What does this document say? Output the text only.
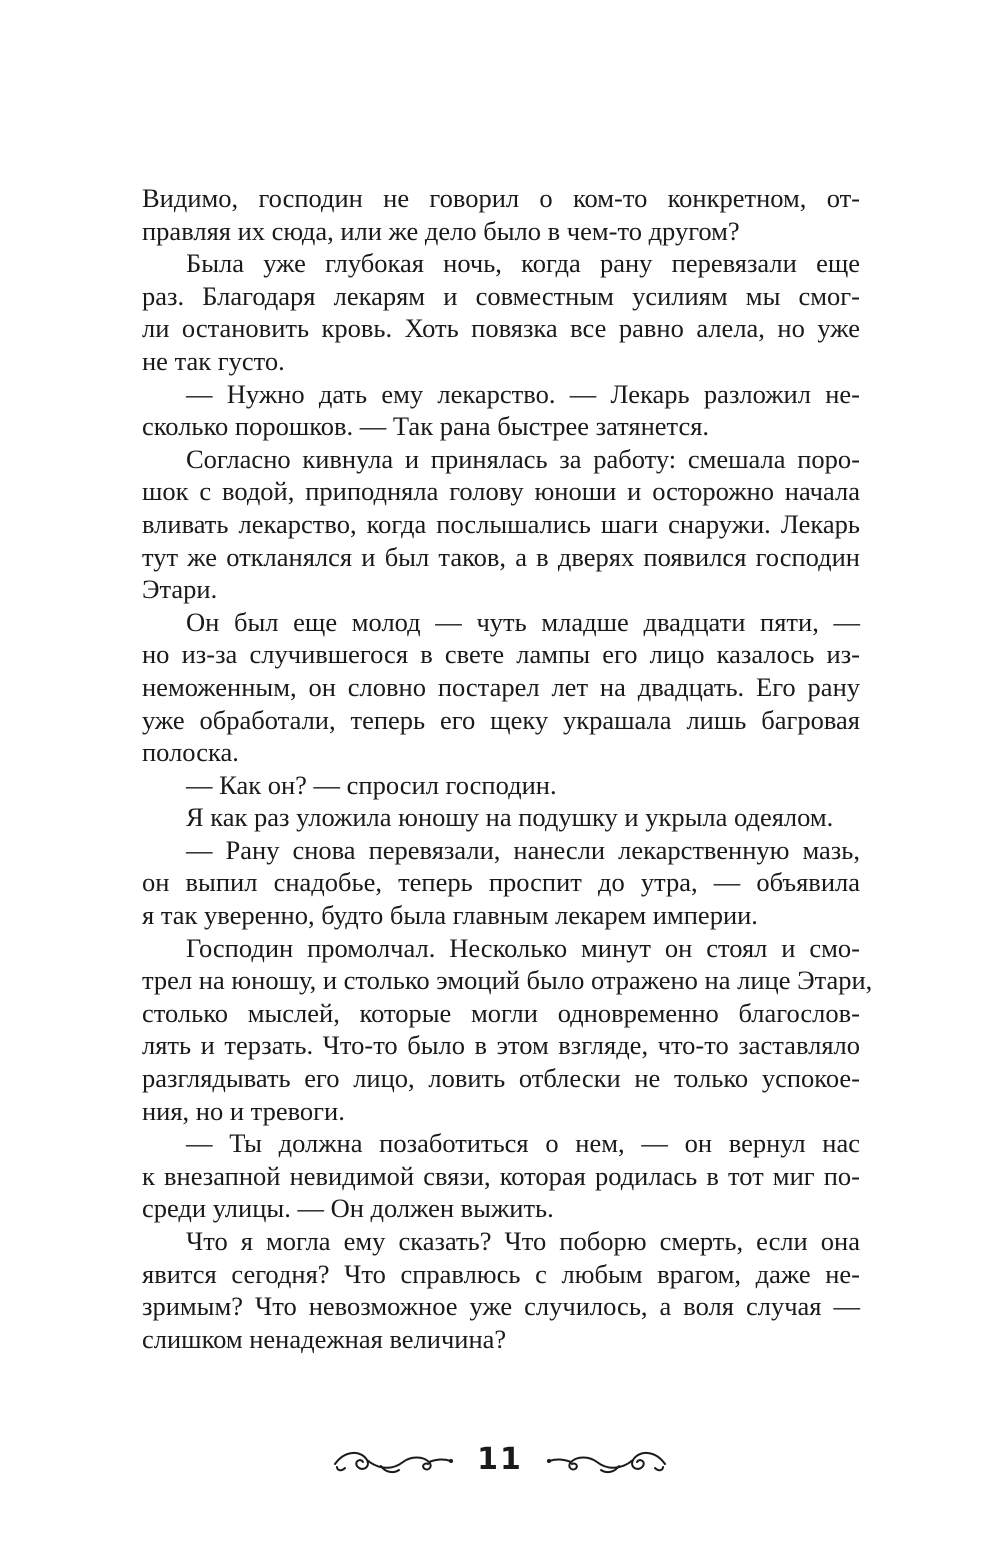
Видимо, господин не говорил о ком-то конкретном, от-
правляя их сюда, или же дело было в чем-то другом?
Была уже глубокая ночь, когда рану перевязали еще
раз. Благодаря лекарям и совместным усилиям мы смог-
ли остановить кровь. Хоть повязка все равно алела, но уже
не так густо.
— Нужно дать ему лекарство. — Лекарь разложил не-
сколько порошков. — Так рана быстрее затянется.
Согласно кивнула и принялась за работу: смешала поро-
шок с водой, приподняла голову юноши и осторожно начала
вливать лекарство, когда послышались шаги снаружи. Лекарь
тут же откланялся и был таков, а в дверях появился господин
Этари.
Он был еще молод — чуть младше двадцати пяти, —
но из-за случившегося в свете лампы его лицо казалось из-
неможенным, он словно постарел лет на двадцать. Его рану
уже обработали, теперь его щеку украшала лишь багровая
полоска.
— Как он? — спросил господин.
Я как раз уложила юношу на подушку и укрыла одеялом.
— Рану снова перевязали, нанесли лекарственную мазь,
он выпил снадобье, теперь проспит до утра, — объявила
я так уверенно, будто была главным лекарем империи.
Господин промолчал. Несколько минут он стоял и смо-
трел на юношу, и столько эмоций было отражено на лице Этари,
столько мыслей, которые могли одновременно благослов-
лять и терзать. Что-то было в этом взгляде, что-то заставляло
разглядывать его лицо, ловить отблески не только успокое-
ния, но и тревоги.
— Ты должна позаботиться о нем, — он вернул нас
к внезапной невидимой связи, которая родилась в тот миг по-
среди улицы. — Он должен выжить.
Что я могла ему сказать? Что поборю смерть, если она
явится сегодня? Что справлюсь с любым врагом, даже не-
зримым? Что невозможное уже случилось, а воля случая —
слишком ненадежная величина?
11
